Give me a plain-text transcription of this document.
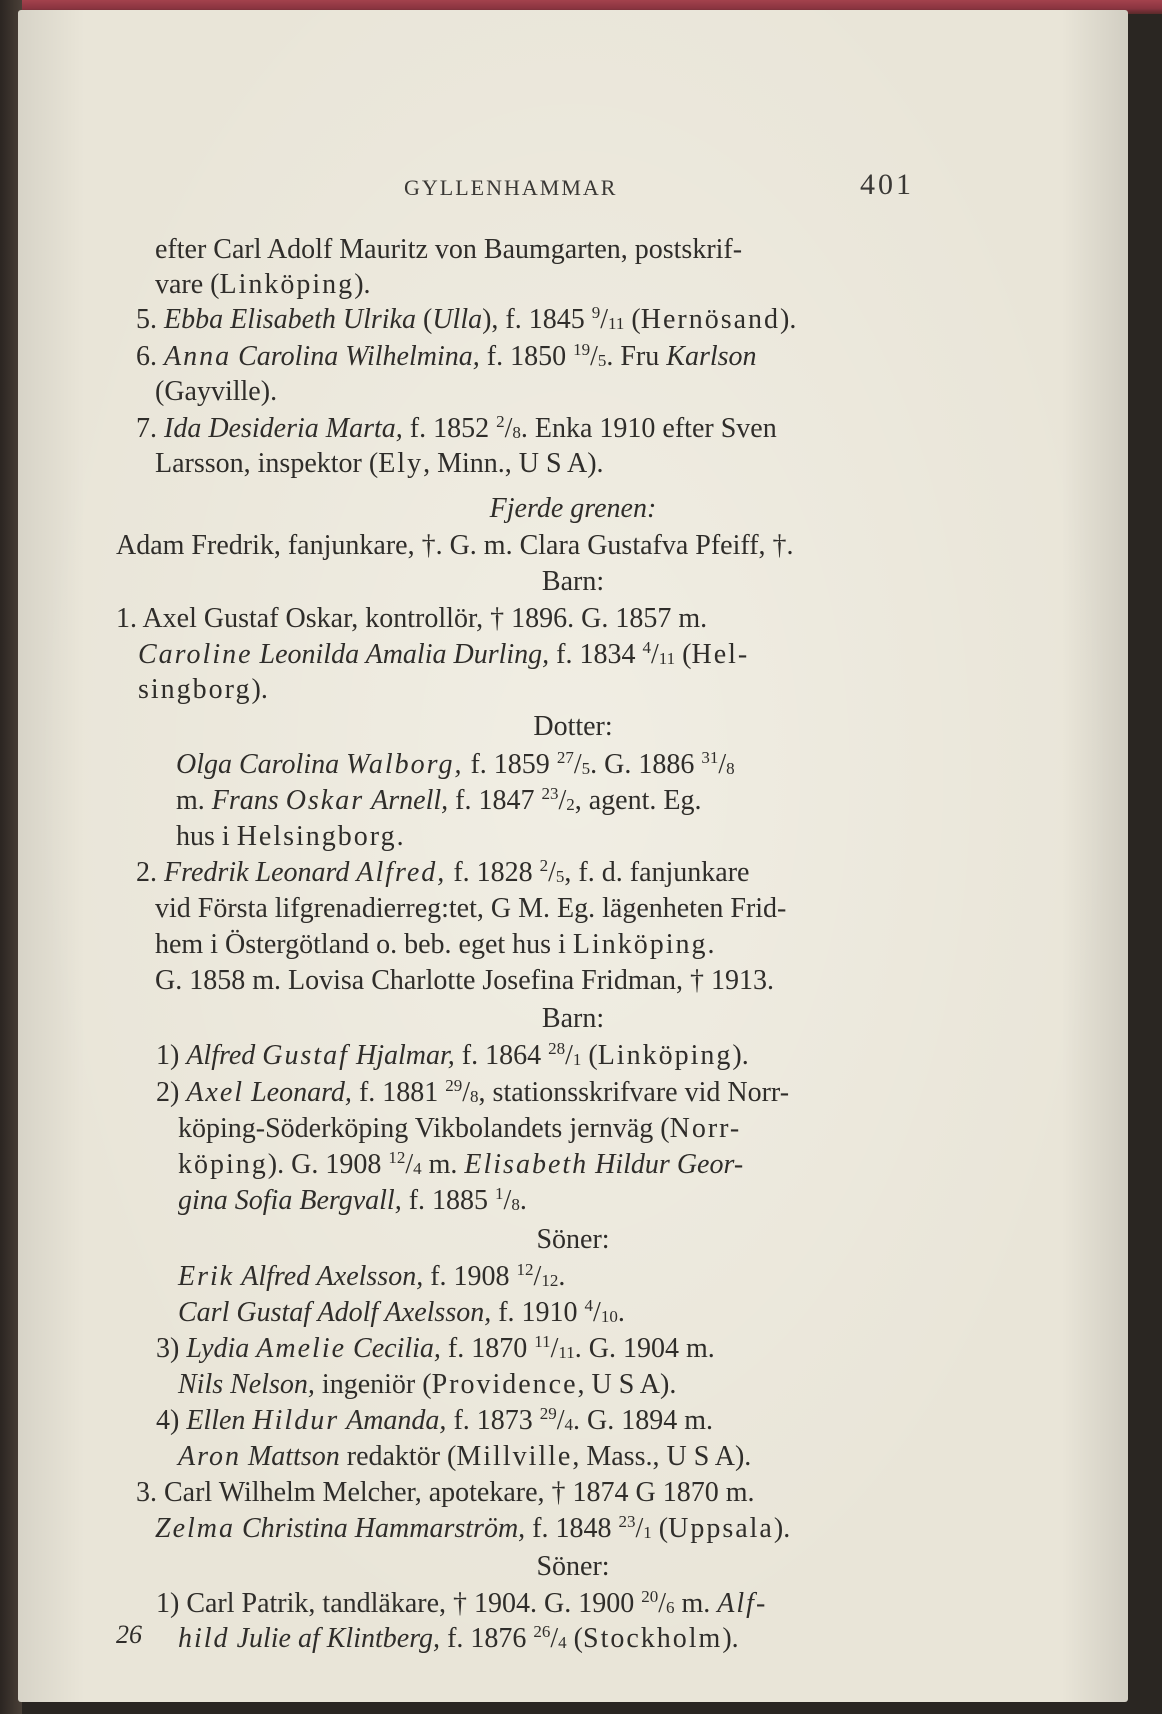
GYLLENHAMMAR	401
efter Carl Adolf Mauritz von Baumgarten, postskrif-
vare (Linköping).
5. Ebba Elisabeth Ulrika (Ulla), f. 1845 $^9/_{11}$ (Hernösand).
6. Anna Carolina Wilhelmina, f. 1850 $^{19}/_5$. Fru Karlson
(Gayville).
7. Ida Desideria Marta, f. 1852 $^2/_8$. Enka 1910 efter Sven
Larsson, inspektor (Ely, Minn., U S A).
Fjerde grenen:
Adam Fredrik, fanjunkare, †. G. m. Clara Gustafva Pfeiff, †.
Barn:
1. Axel Gustaf Oskar, kontrollör, † 1896. G. 1857 m.
Caroline Leonilda Amalia Durling, f. 1834 $^4/_{11}$ (Hel-
singborg).
Dotter:
Olga Carolina Walborg, f. 1859 $^{27}/_5$. G. 1886 $^{31}/_8$
m. Frans Oskar Arnell, f. 1847 $^{23}/_2$, agent. Eg.
hus i Helsingborg.
2. Fredrik Leonard Alfred, f. 1828 $^2/_5$, f. d. fanjunkare
vid Första lifgrenadierreg:tet, G M. Eg. lägenheten Frid-
hem i Östergötland o. beb. eget hus i Linköping.
G. 1858 m. Lovisa Charlotte Josefina Fridman, † 1913.
Barn:
1) Alfred Gustaf Hjalmar, f. 1864 $^{28}/_1$ (Linköping).
2) Axel Leonard, f. 1881 $^{29}/_8$, stationsskrifvare vid Norr-
köping-Söderköping Vikbolandets jernväg (Norr-
köping). G. 1908 $^{12}/_4$ m. Elisabeth Hildur Geor-
gina Sofia Bergvall, f. 1885 $^1/_8$.
Söner:
Erik Alfred Axelsson, f. 1908 $^{12}/_{12}$.
Carl Gustaf Adolf Axelsson, f. 1910 $^4/_{10}$.
3) Lydia Amelie Cecilia, f. 1870 $^{11}/_{11}$. G. 1904 m.
Nils Nelson, ingeniör (Providence, U S A).
4) Ellen Hildur Amanda, f. 1873 $^{29}/_4$. G. 1894 m.
Aron Mattson redaktör (Millville, Mass., U S A).
3. Carl Wilhelm Melcher, apotekare, † 1874 G 1870 m.
Zelma Christina Hammarström, f. 1848 $^{23}/_1$ (Uppsala).
Söner:
1) Carl Patrik, tandläkare, † 1904. G. 1900 $^{20}/_6$ m. Alf-
hild Julie af Klintberg, f. 1876 $^{26}/_4$ (Stockholm).
26
